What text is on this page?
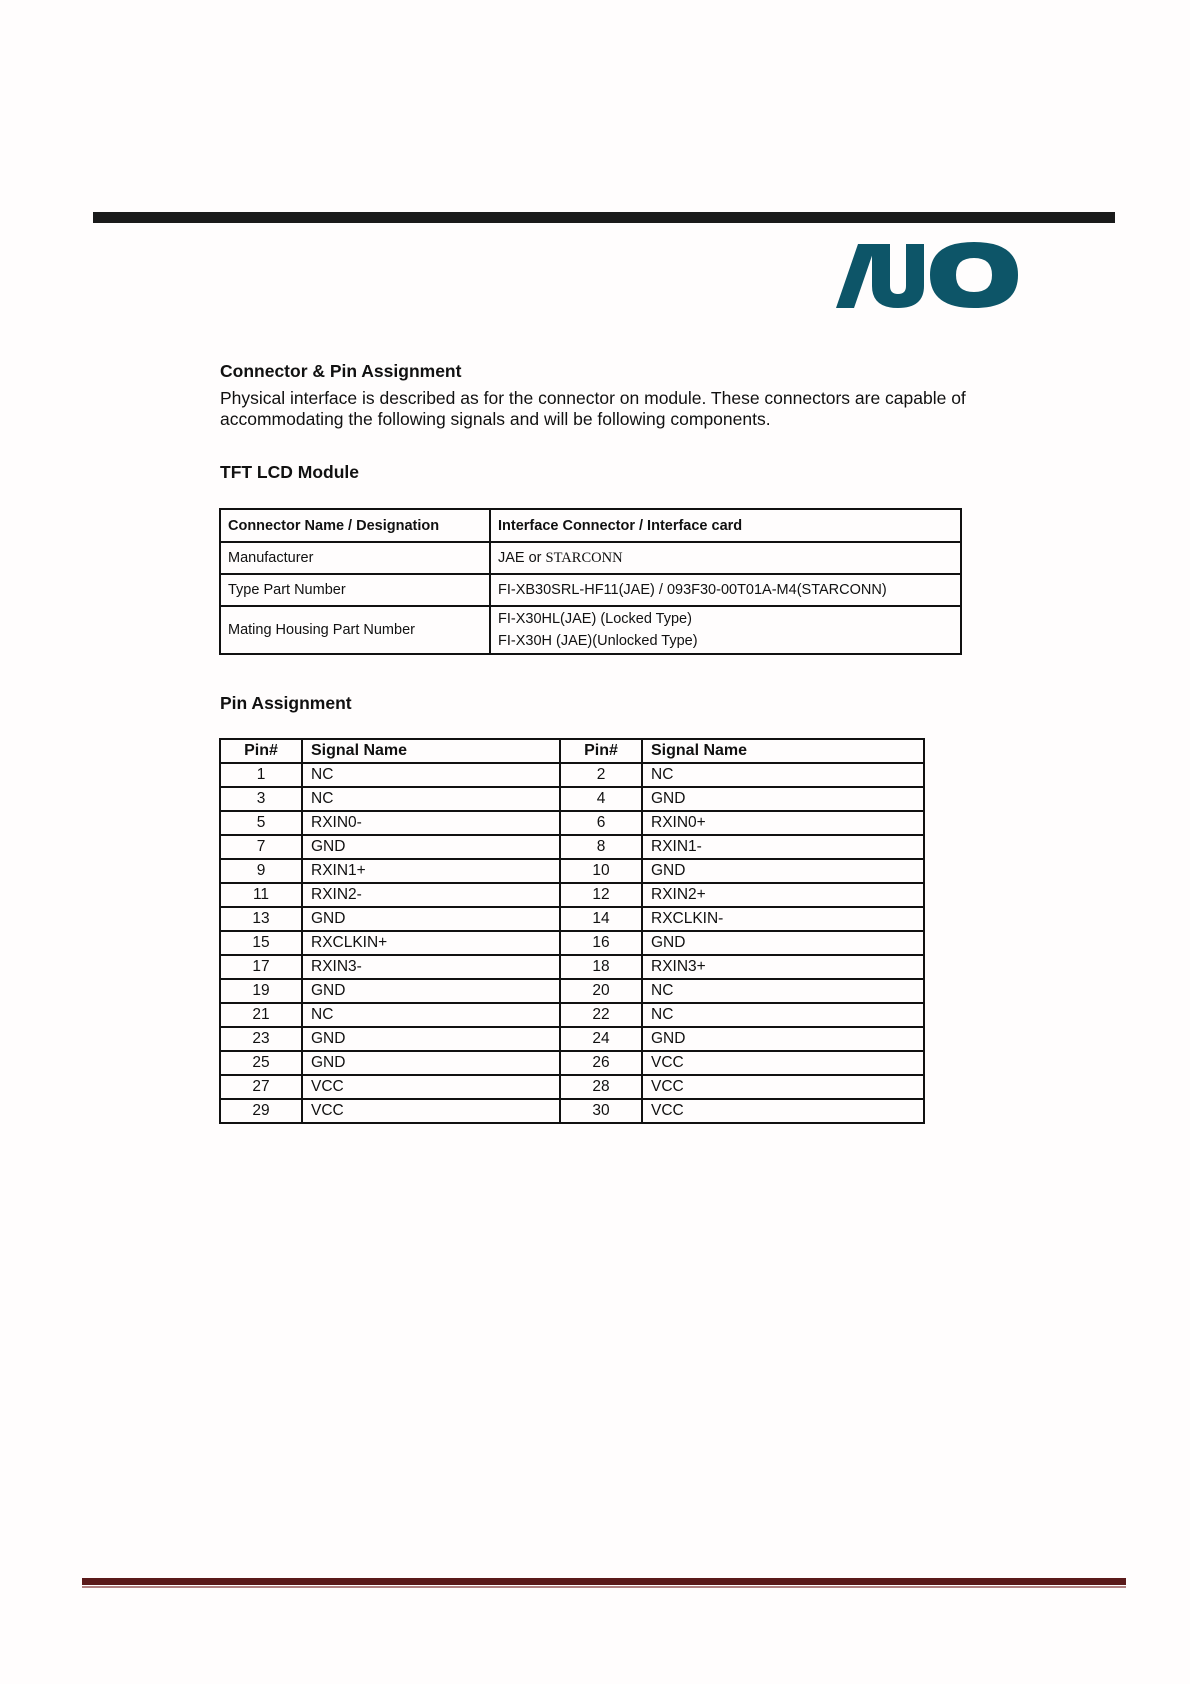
Connector & Pin Assignment

Physical interface is described as for the connector on module. These connectors are capable of accommodating the following signals and will be following components.

TFT LCD Module
Connector Name / Designation	Interface Connector / Interface card
Manufacturer	JAE or STARCONN
Type Part Number	FI-XB30SRL-HF11(JAE) / 093F30-00T01A-M4(STARCONN)
Mating Housing Part Number	FI-X30HL(JAE) (Locked Type)
FI-X30H (JAE)(Unlocked Type)
Pin Assignment
Pin#	Signal Name	Pin#	Signal Name
1	NC	2	NC
3	NC	4	GND
5	RXIN0-	6	RXIN0+
7	GND	8	RXIN1-
9	RXIN1+	10	GND
11	RXIN2-	12	RXIN2+
13	GND	14	RXCLKIN-
15	RXCLKIN+	16	GND
17	RXIN3-	18	RXIN3+
19	GND	20	NC
21	NC	22	NC
23	GND	24	GND
25	GND	26	VCC
27	VCC	28	VCC
29	VCC	30	VCC
